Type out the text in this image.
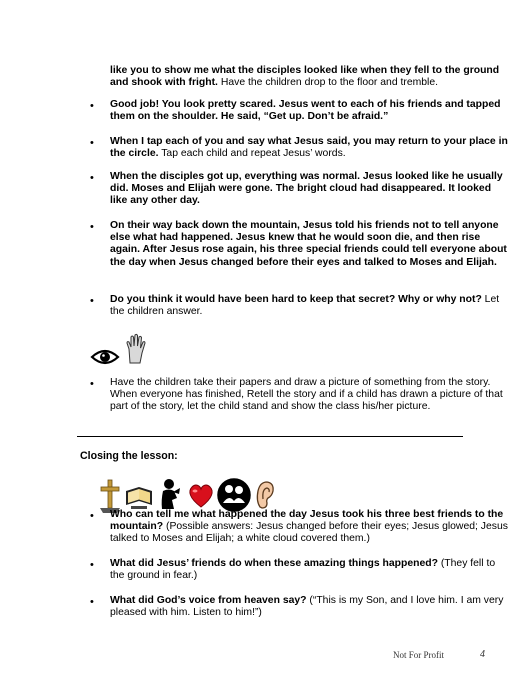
like you to show me what the disciples looked like when they fell to the ground and shook with fright. Have the children drop to the floor and tremble.

• Good job! You look pretty scared. Jesus went to each of his friends and tapped them on the shoulder. He said, “Get up. Don’t be afraid.”

• When I tap each of you and say what Jesus said, you may return to your place in the circle. Tap each child and repeat Jesus’ words.

• When the disciples got up, everything was normal. Jesus looked like he usually did. Moses and Elijah were gone. The bright cloud had disappeared. It looked like any other day.

• On their way back down the mountain, Jesus told his friends not to tell anyone else what had happened. Jesus knew that he would soon die, and then rise again. After Jesus rose again, his three special friends could tell everyone about the day when Jesus changed before their eyes and talked to Moses and Elijah.

• Do you think it would have been hard to keep that secret? Why or why not? Let the children answer.

• Have the children take their papers and draw a picture of something from the story. When everyone has finished, Retell the story and if a child has drawn a picture of that part of the story, let the child stand and show the class his/her picture.

Closing the lesson:
• Who can tell me what happened the day Jesus took his three best friends to the mountain? (Possible answers: Jesus changed before their eyes; Jesus glowed; Jesus talked to Moses and Elijah; a white cloud covered them.)

• What did Jesus’ friends do when these amazing things happened? (They fell to the ground in fear.)

• What did God’s voice from heaven say? (“This is my Son, and I love him. I am very pleased with him. Listen to him!”)

Not For Profit	4
